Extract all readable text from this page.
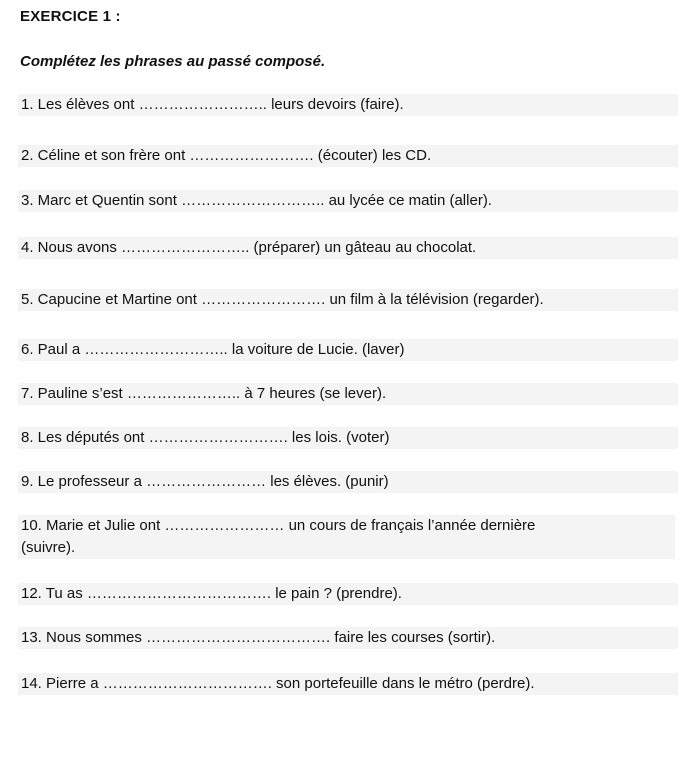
EXERCICE 1 :
Complétez les phrases au passé composé.
1. Les élèves ont …………………….. leurs devoirs (faire).
2. Céline et son frère ont ……………………. (écouter) les CD.
3. Marc et Quentin sont ……………………….. au lycée ce matin (aller).
4. Nous avons …………………….. (préparer) un gâteau au chocolat.
5. Capucine et Martine ont ……………………. un film à la télévision (regarder).
6. Paul a ……………………….. la voiture de Lucie. (laver)
7. Pauline s’est ………………….. à 7 heures (se lever).
8. Les députés ont ………………………. les lois. (voter)
9. Le professeur a …………………… les élèves. (punir)
10. Marie et Julie ont …………………… un cours de français l’année dernière
(suivre).
12. Tu as ………………………………. le pain ? (prendre).
13. Nous sommes ………………………………. faire les courses (sortir).
14. Pierre a ……………………………. son portefeuille dans le métro (perdre).
